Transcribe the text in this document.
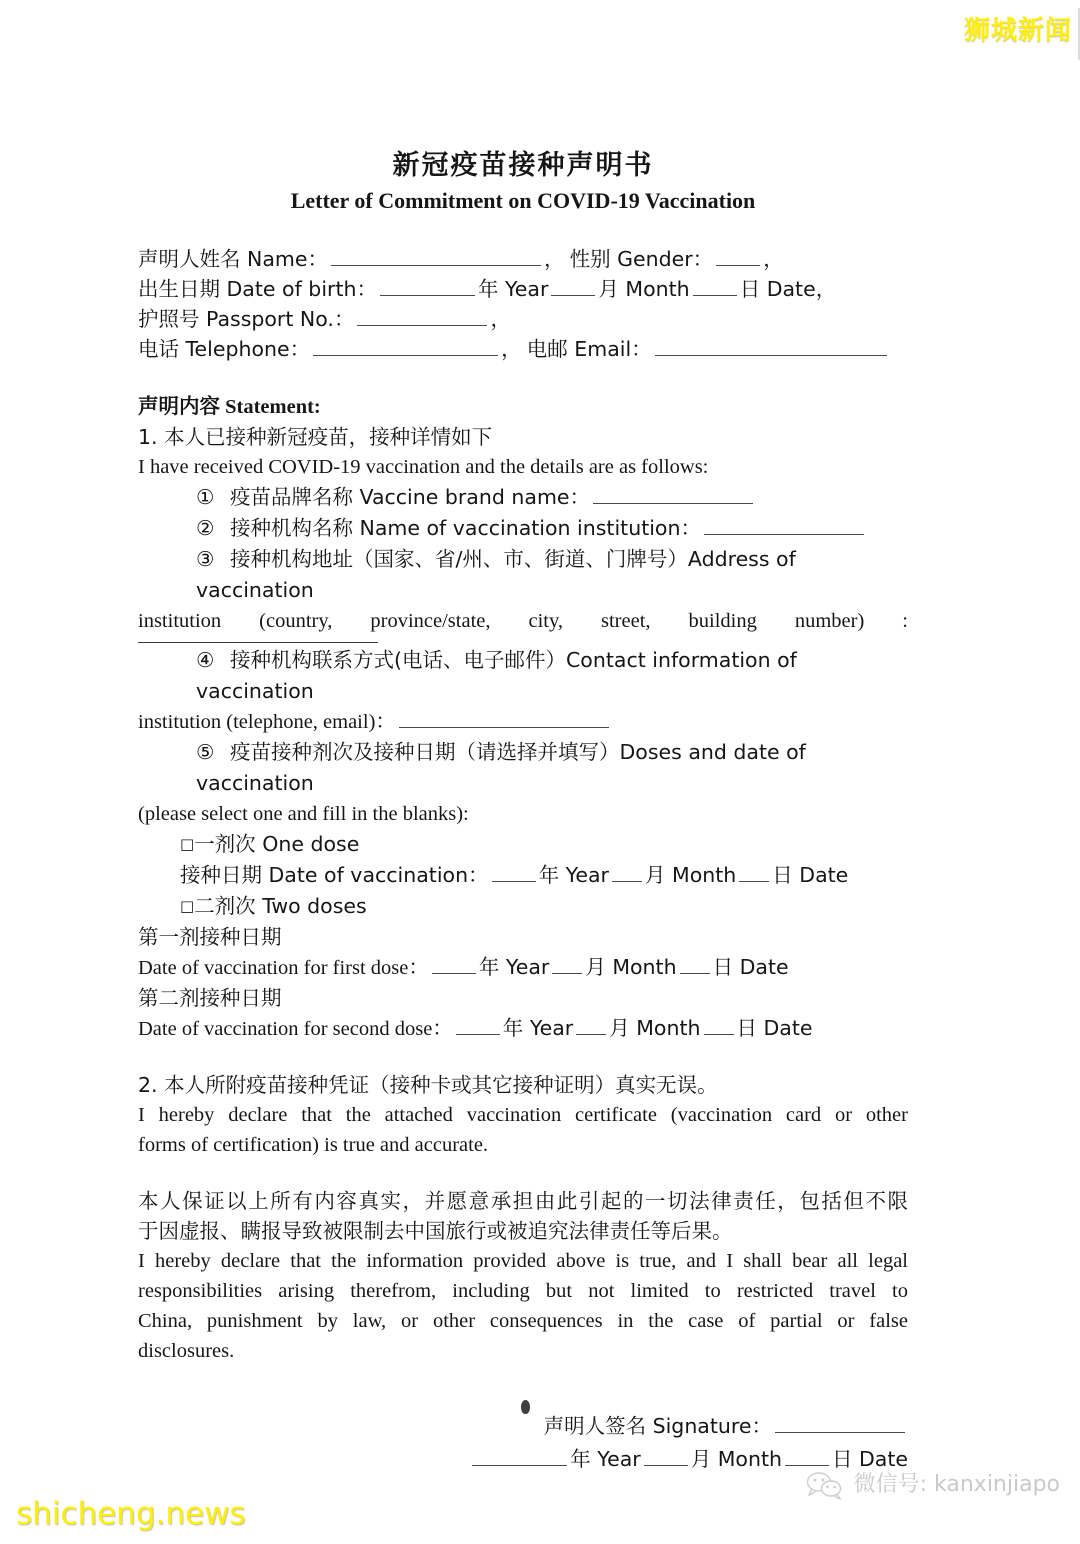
狮城新闻
shicheng.news
微信号: kanxinjiapo
新冠疫苗接种声明书
Letter of Commitment on COVID-19 Vaccination
声明人姓名 Name：	， 性别 Gender： ，
出生日期 Date of birth：	年 Year 月 Month 日 Date，
护照号 Passport No.：	，
电话 Telephone：	， 电邮 Email：
声明内容 Statement:

1. 本人已接种新冠疫苗，接种详情如下

I have received COVID-19 vaccination and the details are as follows:

① 疫苗品牌名称 Vaccine brand name：
② 接种机构名称 Name of vaccination institution：
③ 接种机构地址（国家、省/州、市、街道、门牌号）Address of vaccination
institution (country, province/state, city, street, building number) :
④ 接种机构联系方式(电话、电子邮件）Contact information of vaccination
institution (telephone, email)：
⑤ 疫苗接种剂次及接种日期（请选择并填写）Doses and date of vaccination
(please select one and fill in the blanks):
□一剂次 One dose
接种日期 Date of vaccination： 年 Year 月 Month 日 Date
□二剂次 Two doses
第一剂接种日期
Date of vaccination for first dose： 年 Year 月 Month 日 Date
第二剂接种日期
Date of vaccination for second dose： 年 Year 月 Month 日 Date

2. 本人所附疫苗接种凭证（接种卡或其它接种证明）真实无误。

I hereby declare that the attached vaccination certificate (vaccination card or other

forms of certification) is true and accurate.

本人保证以上所有内容真实，并愿意承担由此引起的一切法律责任，包括但不限

于因虚报、瞒报导致被限制去中国旅行或被追究法律责任等后果。

I hereby declare that the information provided above is true, and I shall bear all legal

responsibilities arising therefrom, including but not limited to restricted travel to

China, punishment by law, or other consequences in the case of partial or false

disclosures.

声明人签名 Signature：
年 Year 月 Month 日 Date
